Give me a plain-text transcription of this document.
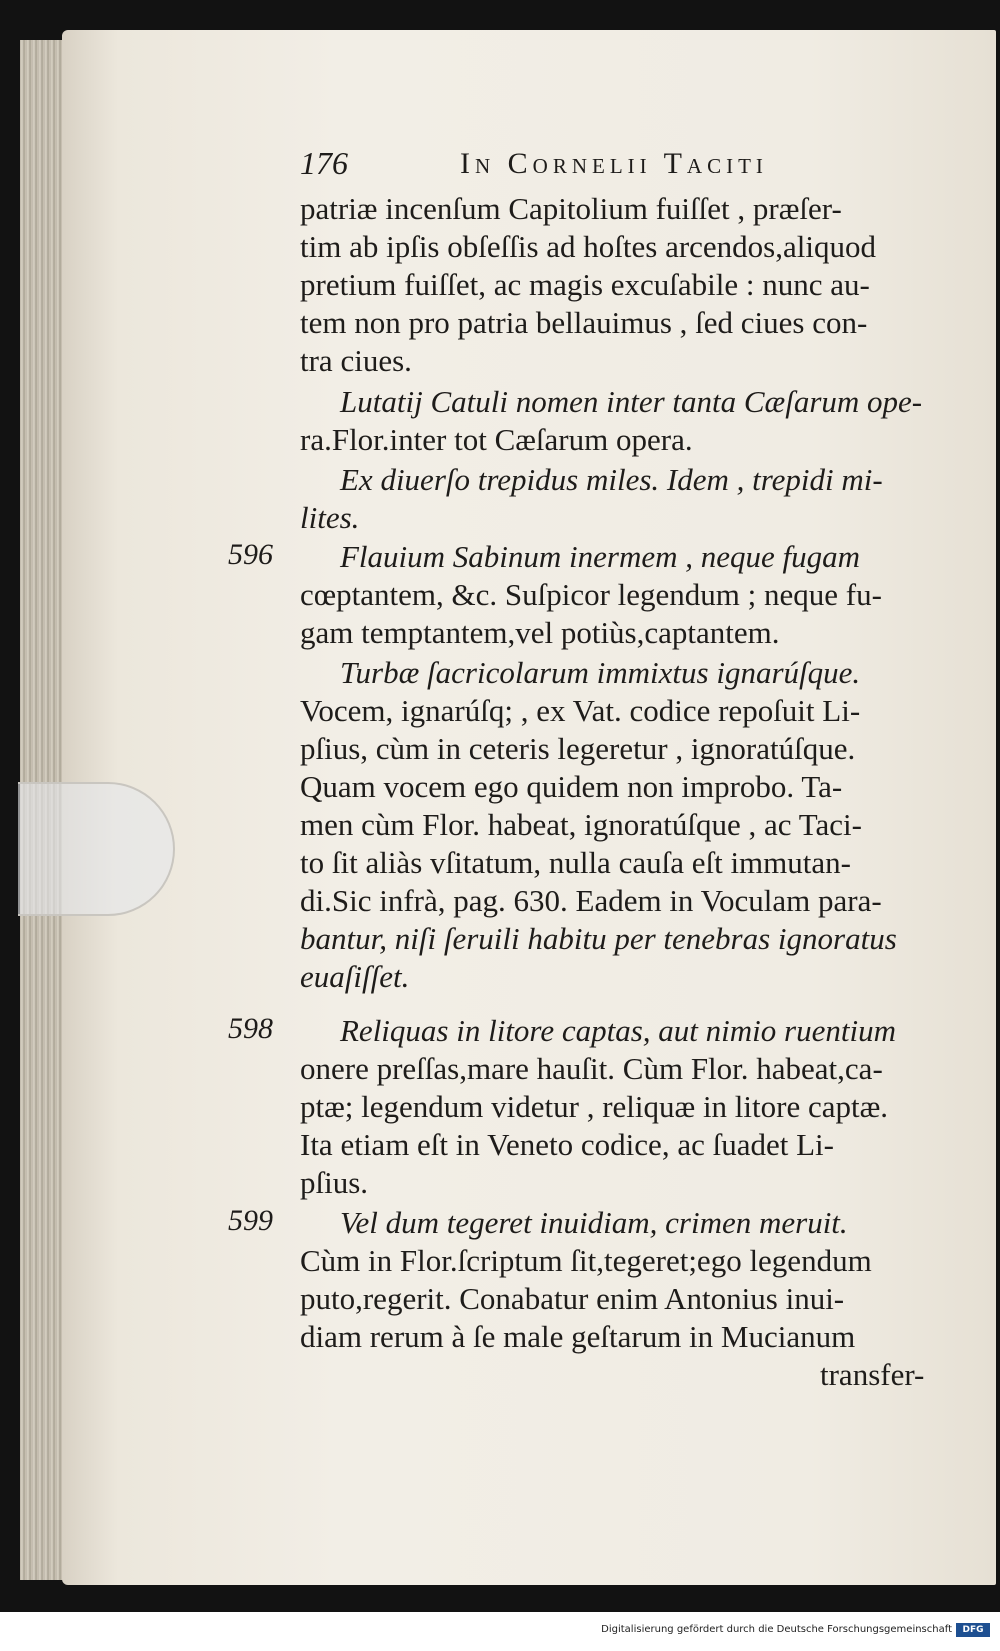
176	In Cornelii Taciti
596
598
599
patriæ incenſum Capitolium fuiſſet , præſer-
tim ab ipſis obſeſſis ad hoſtes arcendos,aliquod
pretium fuiſſet, ac magis excuſabile : nunc au-
tem non pro patria bellauimus , ſed ciues con-
tra ciues.
Lutatij Catuli nomen inter tanta Cæſarum ope-
ra.Flor.inter tot Cæſarum opera.
Ex diuerſo trepidus miles. Idem , trepidi mi-
lites.
Flauium Sabinum inermem , neque fugam
cœptantem, &c. Suſpicor legendum ; neque fu-
gam temptantem,vel potiùs,captantem.
Turbæ ſacricolarum immixtus ignarúſque.
Vocem, ignarúſq; , ex Vat. codice repoſuit Li-
pſius, cùm in ceteris legeretur , ignoratúſque.
Quam vocem ego quidem non improbo. Ta-
men cùm Flor. habeat, ignoratúſque , ac Taci-
to ſit aliàs vſitatum, nulla cauſa eſt immutan-
di.Sic infrà, pag. 630. Eadem in Voculam para-
bantur, niſi ſeruili habitu per tenebras ignoratus
euaſiſſet.
Reliquas in litore captas, aut nimio ruentium
onere preſſas,mare hauſit. Cùm Flor. habeat,ca-
ptæ; legendum videtur , reliquæ in litore captæ.
Ita etiam eſt in Veneto codice, ac ſuadet Li-
pſius.
Vel dum tegeret inuidiam, crimen meruit.
Cùm in Flor.ſcriptum ſit,tegeret;ego legendum
puto,regerit. Conabatur enim Antonius inui-
diam rerum à ſe male geſtarum in Mucianum
transfer-
Digitalisierung gefördert durch die Deutsche Forschungsgemeinschaft	DFG
